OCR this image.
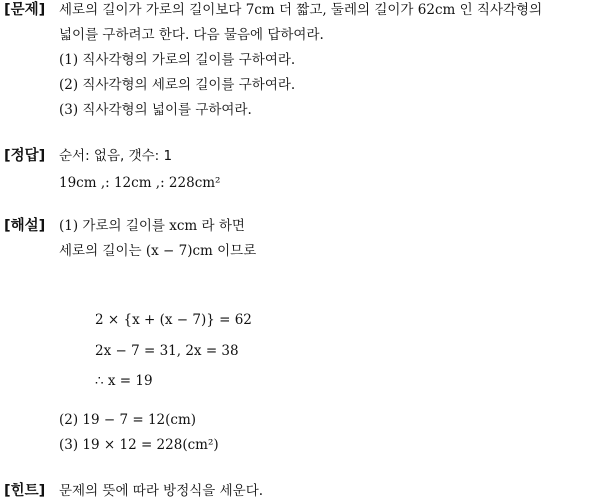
[문제] 세로의 길이가 가로의 길이보다 7cm 더 짧고, 둘레의 길이가 62cm 인 직사각형의
넓이를 구하려고 한다. 다음 물음에 답하여라.
(1) 직사각형의 가로의 길이를 구하여라.
(2) 직사각형의 세로의 길이를 구하여라.
(3) 직사각형의 넓이를 구하여라.
[정답] 순서: 없음, 갯수: 1
19cm ,: 12cm ,: 228cm²
[해설] (1) 가로의 길이를 xcm 라 하면
세로의 길이는 (x − 7)cm 이므로
2 × {x + (x − 7)} = 62
2x − 7 = 31, 2x = 38
∴ x = 19
(2) 19 − 7 = 12(cm)
(3) 19 × 12 = 228(cm²)
[힌트] 문제의 뜻에 따라 방정식을 세운다.
